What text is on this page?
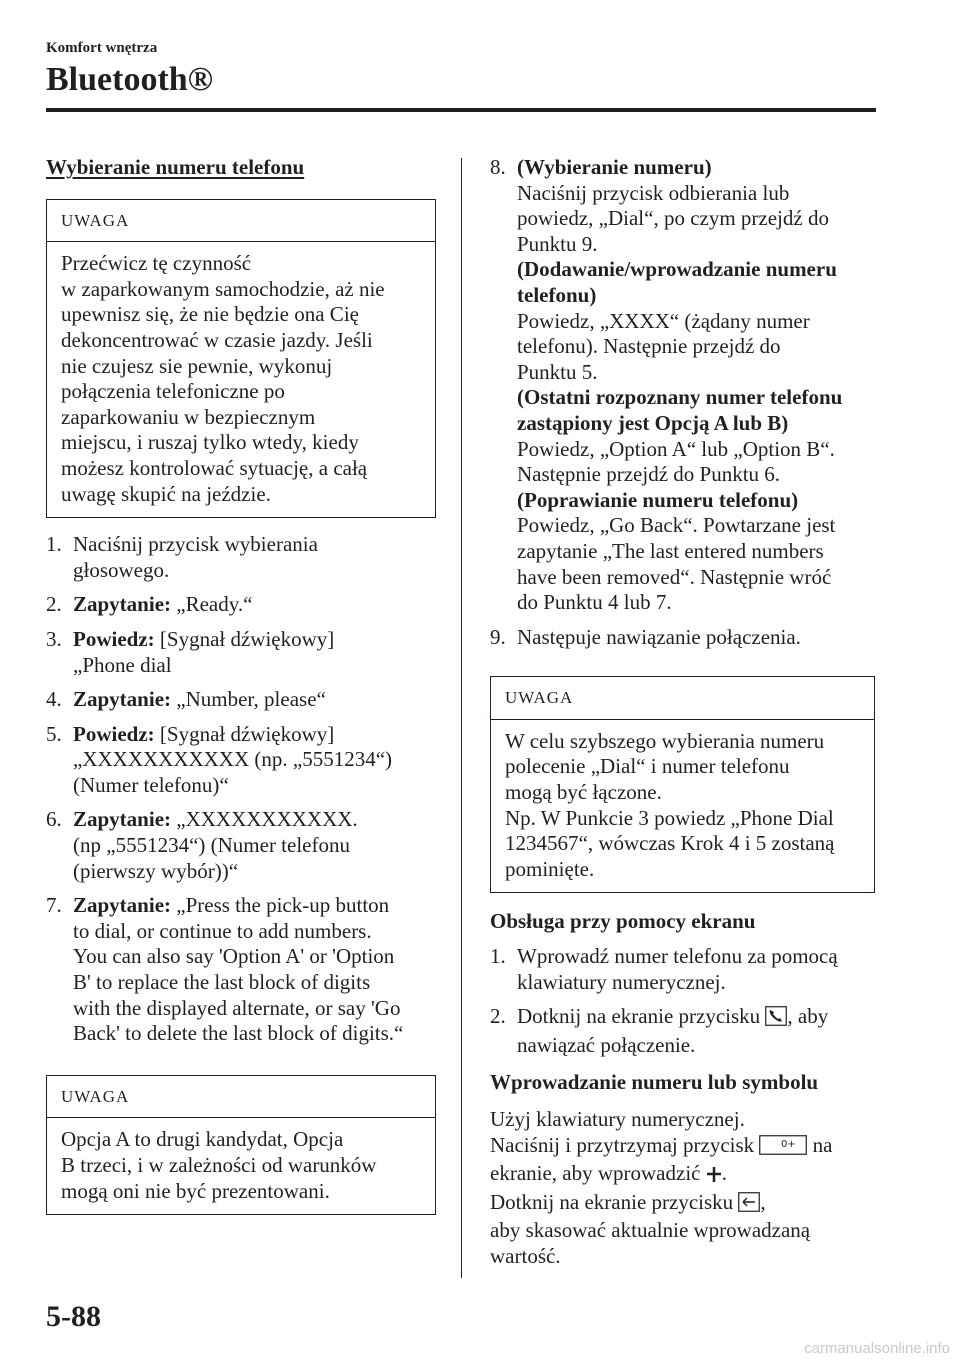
Komfort wnętrza
Bluetooth®
Wybieranie numeru telefonu
UWAGA
Przećwicz tę czynność
w zaparkowanym samochodzie, aż nie
upewnisz się, że nie będzie ona Cię
dekoncentrować w czasie jazdy. Jeśli
nie czujesz sie pewnie, wykonuj
połączenia telefoniczne po
zaparkowaniu w bezpiecznym
miejscu, i ruszaj tylko wtedy, kiedy
możesz kontrolować sytuację, a całą
uwagę skupić na jeździe.
1. Naciśnij przycisk wybierania
głosowego.
2. Zapytanie: „Ready.“
3. Powiedz: [Sygnał dźwiękowy]
„Phone dial
4. Zapytanie: „Number, please“
5. Powiedz: [Sygnał dźwiękowy]
„XXXXXXXXXXX (np. „5551234“)
(Numer telefonu)“
6. Zapytanie: „XXXXXXXXXXX.
(np „5551234“) (Numer telefonu
(pierwszy wybór))“
7. Zapytanie: „Press the pick-up button
to dial, or continue to add numbers.
You can also say 'Option A' or 'Option
B' to replace the last block of digits
with the displayed alternate, or say 'Go
Back' to delete the last block of digits.“
UWAGA
Opcja A to drugi kandydat, Opcja
B trzeci, i w zależności od warunków
mogą oni nie być prezentowani.
8. (Wybieranie numeru)
Naciśnij przycisk odbierania lub
powiedz, „Dial“, po czym przejdź do
Punktu 9.
(Dodawanie/wprowadzanie numeru
telefonu)
Powiedz, „XXXX“ (żądany numer
telefonu). Następnie przejdź do
Punktu 5.
(Ostatni rozpoznany numer telefonu
zastąpiony jest Opcją A lub B)
Powiedz, „Option A“ lub „Option B“.
Następnie przejdź do Punktu 6.
(Poprawianie numeru telefonu)
Powiedz, „Go Back“. Powtarzane jest
zapytanie „The last entered numbers
have been removed“. Następnie wróć
do Punktu 4 lub 7.
9. Następuje nawiązanie połączenia.
UWAGA
W celu szybszego wybierania numeru
polecenie „Dial“ i numer telefonu
mogą być łączone.
Np. W Punkcie 3 powiedz „Phone Dial
1234567“, wówczas Krok 4 i 5 zostaną
pominięte.
Obsługa przy pomocy ekranu
1. Wprowadź numer telefonu za pomocą
klawiatury numerycznej.
2. Dotknij na ekranie przycisku , aby
nawiązać połączenie.
Wprowadzanie numeru lub symbolu
Użyj klawiatury numerycznej.
Naciśnij i przytrzymaj przycisk 0+ na
ekranie, aby wprowadzić .
Dotknij na ekranie przycisku ,
aby skasować aktualnie wprowadzaną
wartość.
5-88
carmanualsonline.info
